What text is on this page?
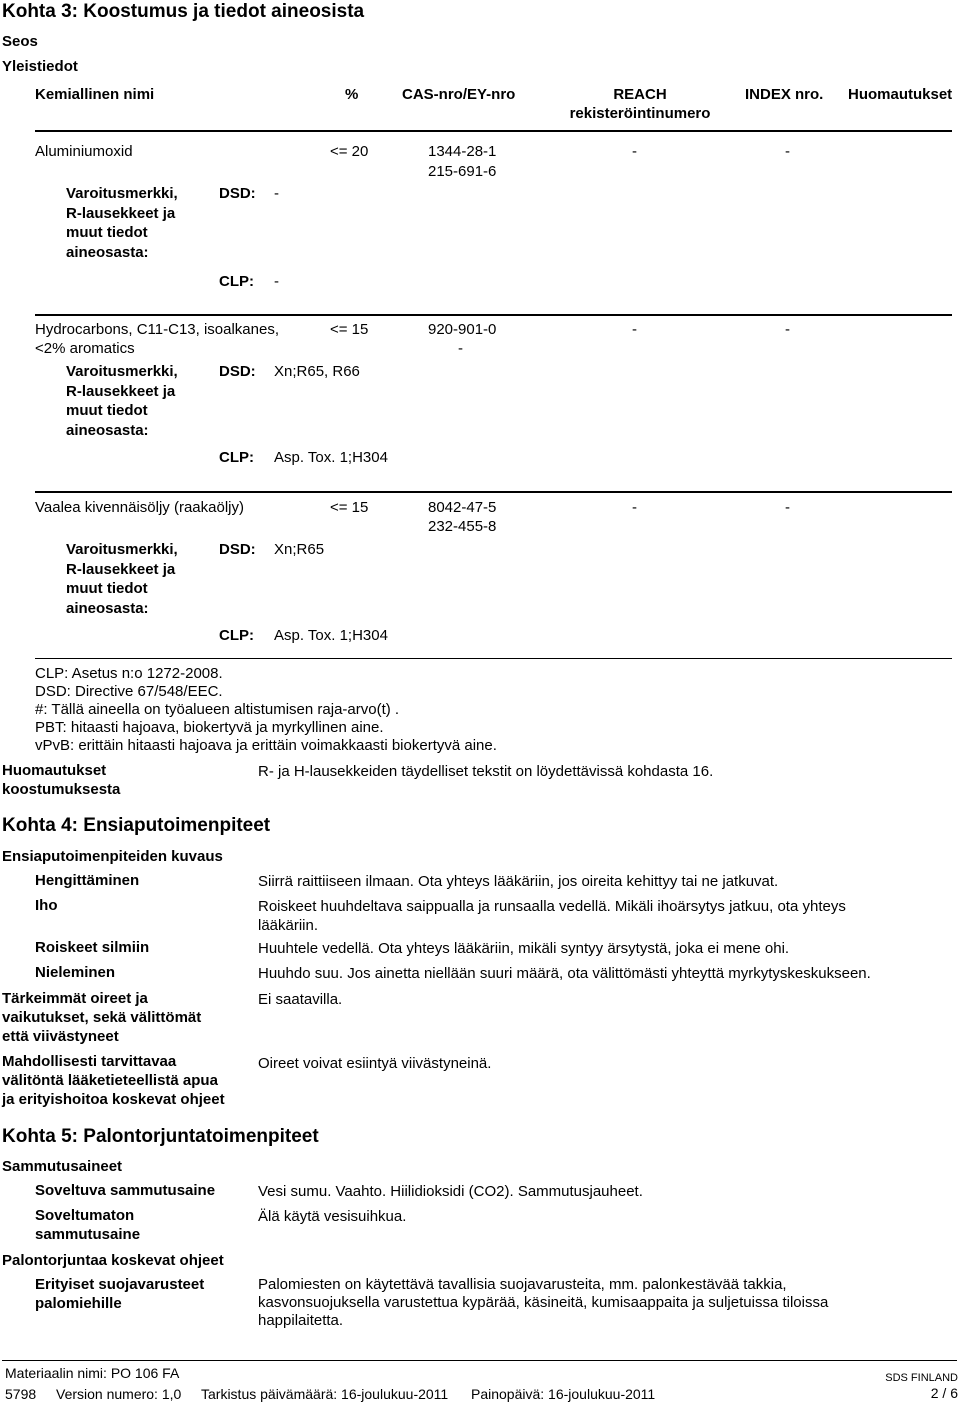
Kohta 3: Koostumus ja tiedot aineosista
Seos
Yleistiedot
Kemiallinen nimi	%	CAS-nro/EY-nro	REACH
rekisteröintinumero
INDEX nro. Huomautukset
Aluminiumoxid	<= 20	1344-28-1
215-691-6
-	-
Varoitusmerkki,
R-lausekkeet ja
muut tiedot
aineosasta:
DSD: -
CLP: -
Hydrocarbons, C11-C13, isoalkanes,
<2% aromatics
<= 15	920-901-0
-
-	-
Varoitusmerkki,
R-lausekkeet ja
muut tiedot
aineosasta:
DSD: Xn;R65, R66
CLP: Asp. Tox. 1;H304
Vaalea kivennäisöljy (raakaöljy)	<= 15	8042-47-5
232-455-8
-	-
Varoitusmerkki,
R-lausekkeet ja
muut tiedot
aineosasta:
DSD: Xn;R65
CLP: Asp. Tox. 1;H304
CLP: Asetus n:o 1272-2008.
DSD: Directive 67/548/EEC.
#: Tällä aineella on työalueen altistumisen raja-arvo(t) .
PBT: hitaasti hajoava, biokertyvä ja myrkyllinen aine.
vPvB: erittäin hitaasti hajoava ja erittäin voimakkaasti biokertyvä aine.
Huomautukset
koostumuksesta
R- ja H-lausekkeiden täydelliset tekstit on löydettävissä kohdasta 16.
Kohta 4: Ensiaputoimenpiteet
Ensiaputoimenpiteiden kuvaus
Hengittäminen	Siirrä raittiiseen ilmaan. Ota yhteys lääkäriin, jos oireita kehittyy tai ne jatkuvat.
Iho	Roiskeet huuhdeltava saippualla ja runsaalla vedellä. Mikäli ihoärsytys jatkuu, ota yhteys lääkäriin.
Roiskeet silmiin	Huuhtele vedellä. Ota yhteys lääkäriin, mikäli syntyy ärsytystä, joka ei mene ohi.
Nieleminen	Huuhdo suu. Jos ainetta niellään suuri määrä, ota välittömästi yhteyttä myrkytyskeskukseen.
Tärkeimmät oireet ja
vaikutukset, sekä välittömät
että viivästyneet
Ei saatavilla.
Mahdollisesti tarvittavaa
välitöntä lääketieteellistä apua
ja erityishoitoa koskevat ohjeet
Oireet voivat esiintyä viivästyneinä.
Kohta 5: Palontorjuntatoimenpiteet
Sammutusaineet
Soveltuva sammutusaine	Vesi sumu. Vaahto. Hiilidioksidi (CO2). Sammutusjauheet.
Soveltumaton
sammutusaine
Älä käytä vesisuihkua.
Palontorjuntaa koskevat ohjeet
Erityiset suojavarusteet
palomiehille
Palomiesten on käytettävä tavallisia suojavarusteita, mm. palonkestävää takkia, kasvonsuojuksella varustettua kypärää, käsineitä, kumisaappaita ja suljetuissa tiloissa happilaitetta.
Materiaalin nimi: PO 106 FA
5798 Version numero: 1,0 Tarkistus päivämäärä: 16-joulukuu-2011 Painopäivä: 16-joulukuu-2011
SDS FINLAND
2 / 6
